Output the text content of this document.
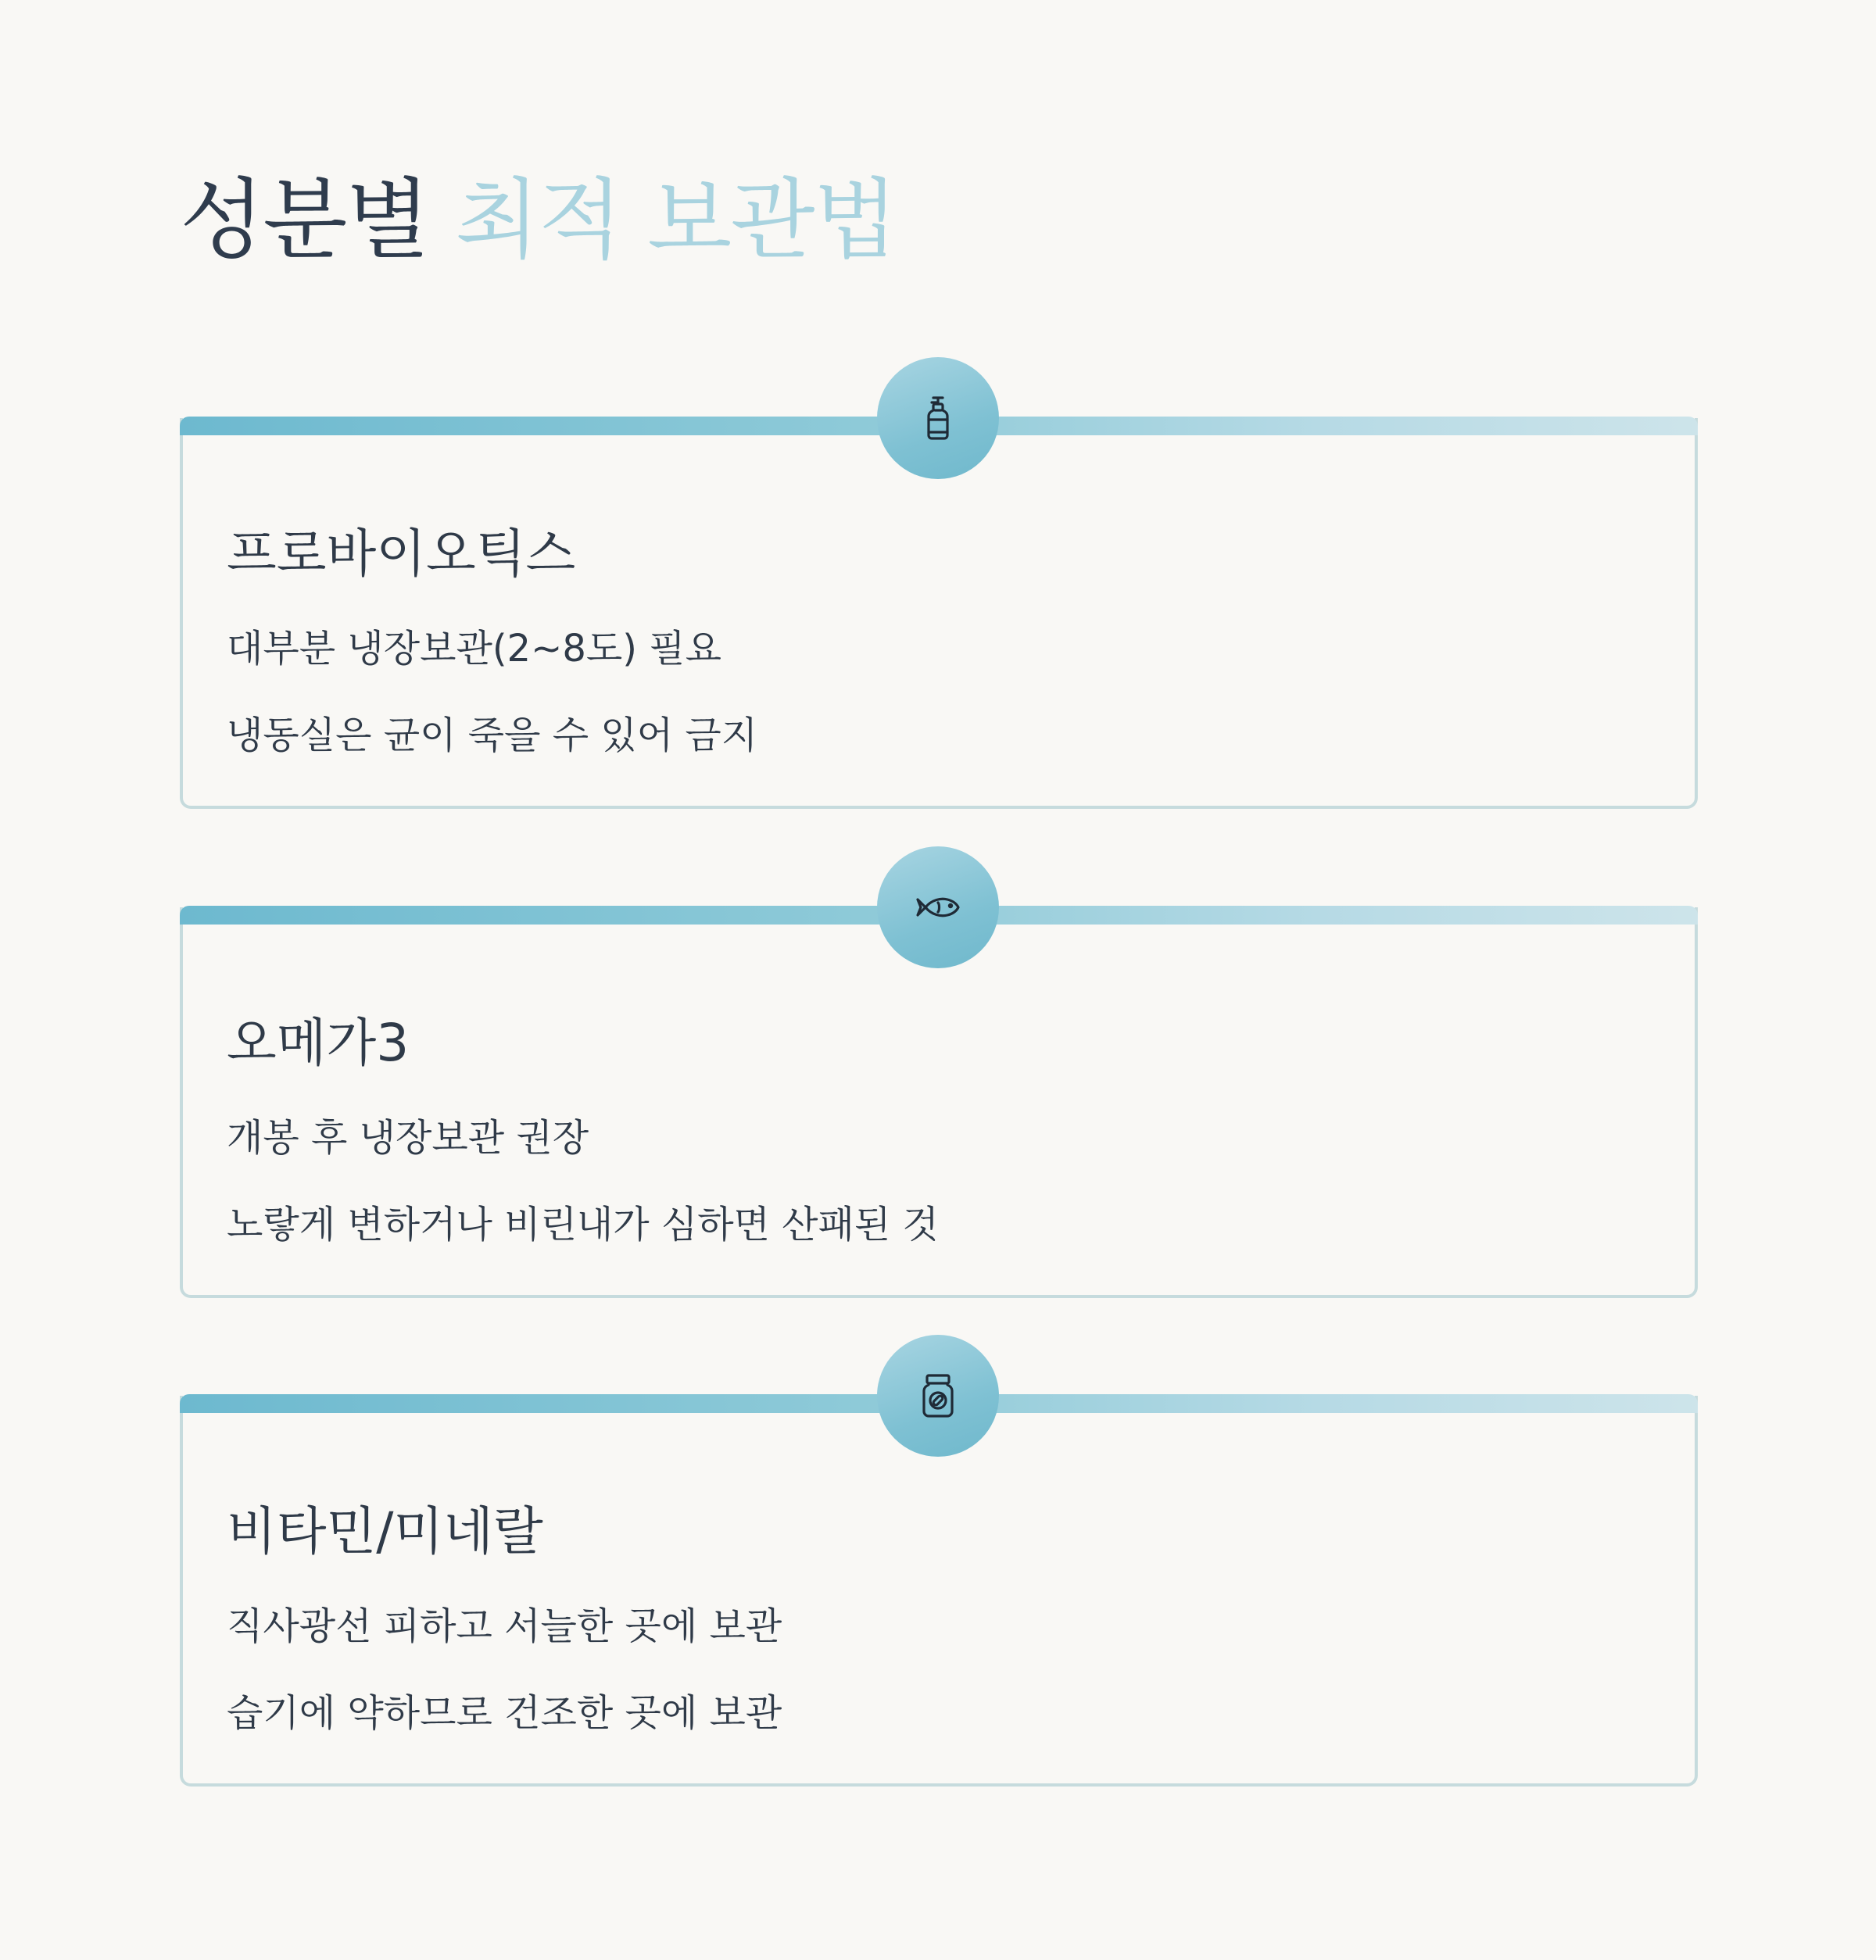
성분별 최적 보관법
프로바이오틱스

대부분 냉장보관(2~8도) 필요

냉동실은 균이 죽을 수 있어 금지

오메가3

개봉 후 냉장보관 권장

노랗게 변하거나 비린내가 심하면 산패된 것

비타민/미네랄

직사광선 피하고 서늘한 곳에 보관

습기에 약하므로 건조한 곳에 보관
